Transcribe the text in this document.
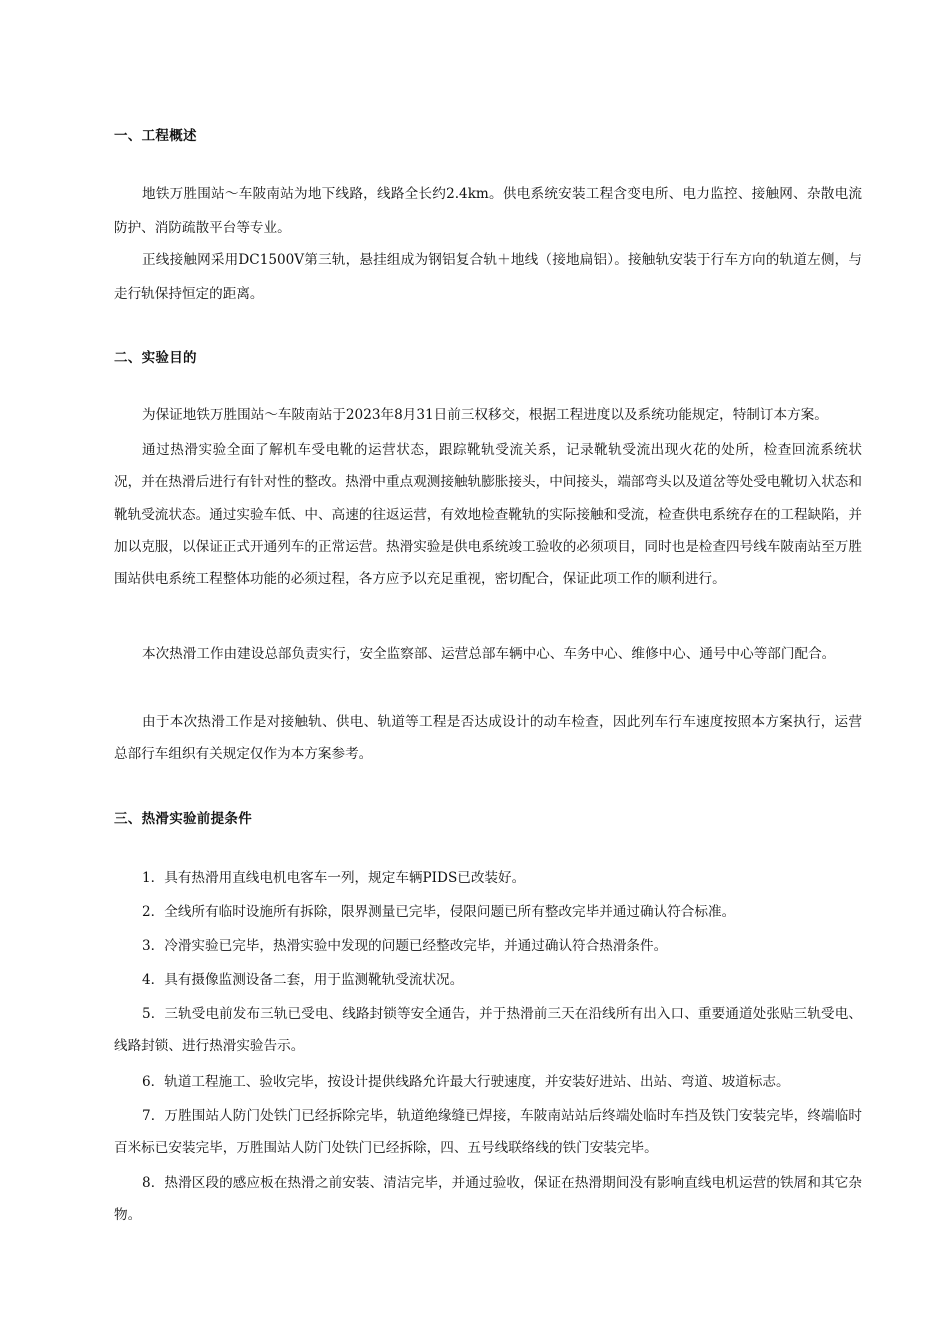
一、工程概述
地铁万胜围站～车陂南站为地下线路，线路全长约2.4km。供电系统安装工程含变电所、电力监控、接触网、杂散电流防护、消防疏散平台等专业。
正线接触网采用DC1500V第三轨，悬挂组成为钢铝复合轨＋地线（接地扁铝）。接触轨安装于行车方向的轨道左侧，与走行轨保持恒定的距离。
二、实验目的
为保证地铁万胜围站～车陂南站于2023年8月31日前三权移交，根据工程进度以及系统功能规定，特制订本方案。
通过热滑实验全面了解机车受电靴的运营状态，跟踪靴轨受流关系，记录靴轨受流出现火花的处所，检查回流系统状况，并在热滑后进行有针对性的整改。热滑中重点观测接触轨膨胀接头，中间接头，端部弯头以及道岔等处受电靴切入状态和靴轨受流状态。通过实验车低、中、高速的往返运营，有效地检查靴轨的实际接触和受流，检查供电系统存在的工程缺陷，并加以克服，以保证正式开通列车的正常运营。热滑实验是供电系统竣工验收的必须项目，同时也是检查四号线车陂南站至万胜围站供电系统工程整体功能的必须过程，各方应予以充足重视，密切配合，保证此项工作的顺利进行。
本次热滑工作由建设总部负责实行，安全监察部、运营总部车辆中心、车务中心、维修中心、通号中心等部门配合。
由于本次热滑工作是对接触轨、供电、轨道等工程是否达成设计的动车检查，因此列车行车速度按照本方案执行，运营总部行车组织有关规定仅作为本方案参考。
三、热滑实验前提条件
1．具有热滑用直线电机电客车一列，规定车辆PIDS已改装好。
2．全线所有临时设施所有拆除，限界测量已完毕，侵限问题已所有整改完毕并通过确认符合标准。
3．冷滑实验已完毕，热滑实验中发现的问题已经整改完毕，并通过确认符合热滑条件。
4．具有摄像监测设备二套，用于监测靴轨受流状况。
5．三轨受电前发布三轨已受电、线路封锁等安全通告，并于热滑前三天在沿线所有出入口、重要通道处张贴三轨受电、线路封锁、进行热滑实验告示。
6．轨道工程施工、验收完毕，按设计提供线路允许最大行驶速度，并安装好进站、出站、弯道、坡道标志。
7．万胜围站人防门处铁门已经拆除完毕，轨道绝缘缝已焊接，车陂南站站后终端处临时车挡及铁门安装完毕，终端临时百米标已安装完毕，万胜围站人防门处铁门已经拆除，四、五号线联络线的铁门安装完毕。
8．热滑区段的感应板在热滑之前安装、清洁完毕，并通过验收，保证在热滑期间没有影响直线电机运营的铁屑和其它杂物。
